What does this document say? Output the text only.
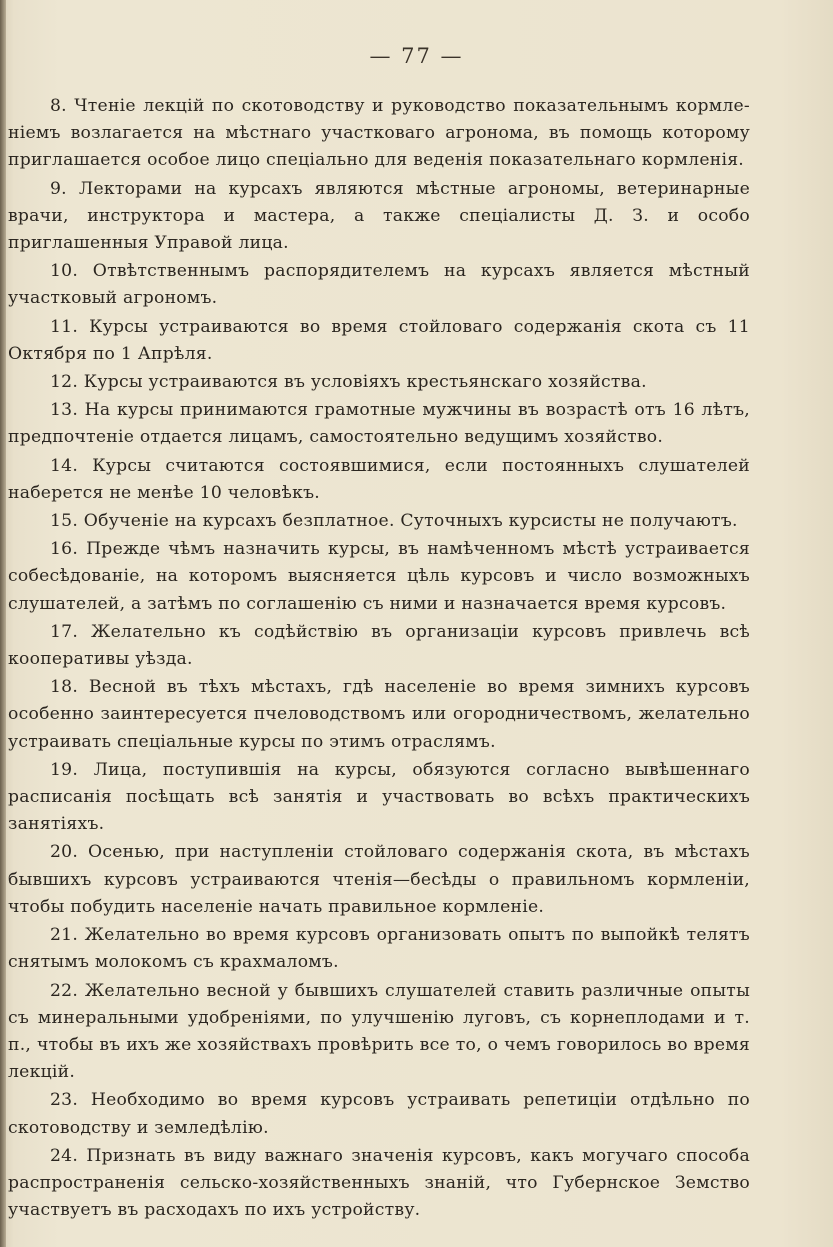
— 77 —

8. Чтеніе лекцій по скотоводству и руководство показательнымъ кормле-ніемъ возлагается на мѣстнаго участковаго агронома, въ помощь которому приглашается особое лицо спеціально для веденія показательнаго кормленія.

9. Лекторами на курсахъ являются мѣстные агрономы, ветеринарные врачи, инструктора и мастера, а также спеціалисты Д. З. и особо приглашенныя Управой лица.

10. Отвѣтственнымъ распорядителемъ на курсахъ является мѣстный участковый агрономъ.

11. Курсы устраиваются во время стойловаго содержанія скота съ 11 Октября по 1 Апрѣля.

12. Курсы устраиваются въ условіяхъ крестьянскаго хозяйства.

13. На курсы принимаются грамотные мужчины въ возрастѣ отъ 16 лѣтъ, предпочтеніе отдается лицамъ, самостоятельно ведущимъ хозяйство.

14. Курсы считаются состоявшимися, если постоянныхъ слушателей наберется не менѣе 10 человѣкъ.

15. Обученіе на курсахъ безплатное. Суточныхъ курсисты не получаютъ.

16. Прежде чѣмъ назначить курсы, въ намѣченномъ мѣстѣ устраивается собесѣдованіе, на которомъ выясняется цѣль курсовъ и число возможныхъ слушателей, а затѣмъ по соглашенію съ ними и назначается время курсовъ.

17. Желательно къ содѣйствію въ организаціи курсовъ привлечь всѣ кооперативы уѣзда.

18. Весной въ тѣхъ мѣстахъ, гдѣ населеніе во время зимнихъ курсовъ особенно заинтересуется пчеловодствомъ или огородничествомъ, желательно устраивать спеціальные курсы по этимъ отраслямъ.

19. Лица, поступившія на курсы, обязуются согласно вывѣшеннаго расписанія посѣщать всѣ занятія и участвовать во всѣхъ практическихъ занятіяхъ.

20. Осенью, при наступленіи стойловаго содержанія скота, въ мѣстахъ бывшихъ курсовъ устраиваются чтенія—бесѣды о правильномъ кормленіи, чтобы побудить населеніе начать правильное кормленіе.

21. Желательно во время курсовъ организовать опытъ по выпойкѣ телятъ снятымъ молокомъ съ крахмаломъ.

22. Желательно весной у бывшихъ слушателей ставить различные опыты съ минеральными удобреніями, по улучшенію луговъ, съ корнеплодами и т. п., чтобы въ ихъ же хозяйствахъ провѣрить все то, о чемъ говорилось во время лекцій.

23. Необходимо во время курсовъ устраивать репетиціи отдѣльно по скотоводству и земледѣлію.

24. Признать въ виду важнаго значенія курсовъ, какъ могучаго способа распространенія сельско-хозяйственныхъ знаній, что Губернское Земство участвуетъ въ расходахъ по ихъ устройству.
